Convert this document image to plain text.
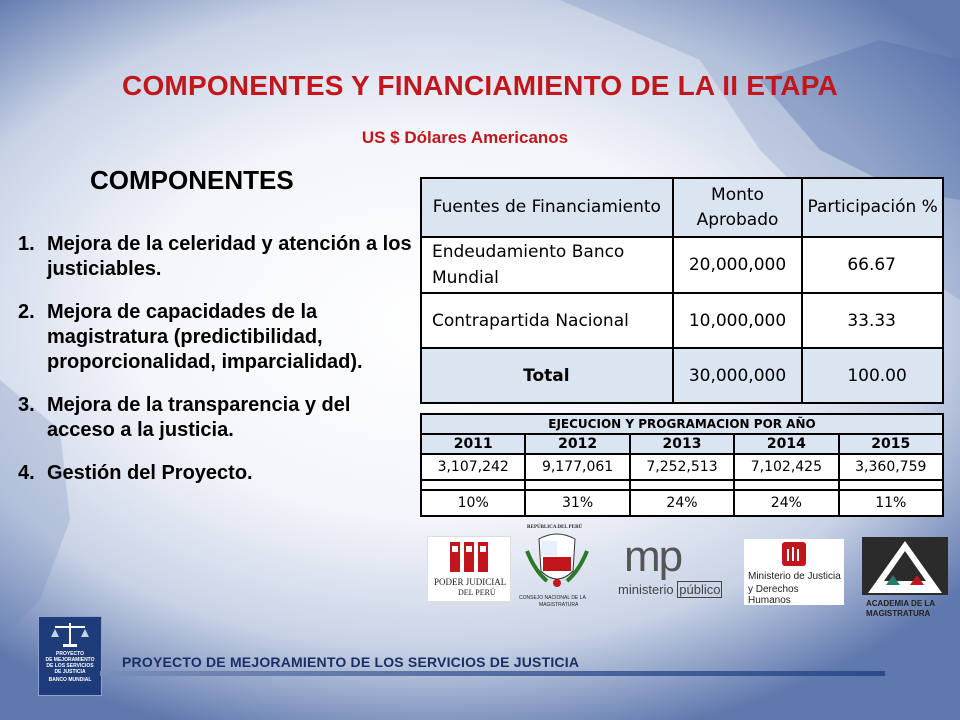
COMPONENTES Y FINANCIAMIENTO DE LA II ETAPA
US $ Dólares Americanos
COMPONENTES
1. Mejora de la celeridad y atención a los justiciables.
2. Mejora de capacidades de la magistratura (predictibilidad, proporcionalidad, imparcialidad).
3. Mejora de la transparencia y del acceso a la justicia.
4. Gestión del Proyecto.
Fuentes de Financiamiento	Monto Aprobado	Participación %
Endeudamiento Banco Mundial	20,000,000	66.67
Contrapartida Nacional	10,000,000	33.33
Total	30,000,000	100.00
EJECUCION Y PROGRAMACION POR AÑO				
2011	2012	2013	2014	2015
3,107,242	9,177,061	7,252,513	7,102,425	3,360,759

10%	31%	24%	24%	11%
PODER JUDICIAL
DEL PERÚ
REPÚBLICA DEL PERÚ
CONSEJO NACIONAL DE LA
MAGISTRATURA
mp
ministerio público
Ministerio de Justicia
y Derechos Humanos	ACADEMIA DE LA
MAGISTRATURA
PROYECTO
DE MEJORAMIENTO
DE LOS SERVICIOS
DE JUSTICIA
BANCO MUNDIAL
PROYECTO DE MEJORAMIENTO DE LOS SERVICIOS DE JUSTICIA
